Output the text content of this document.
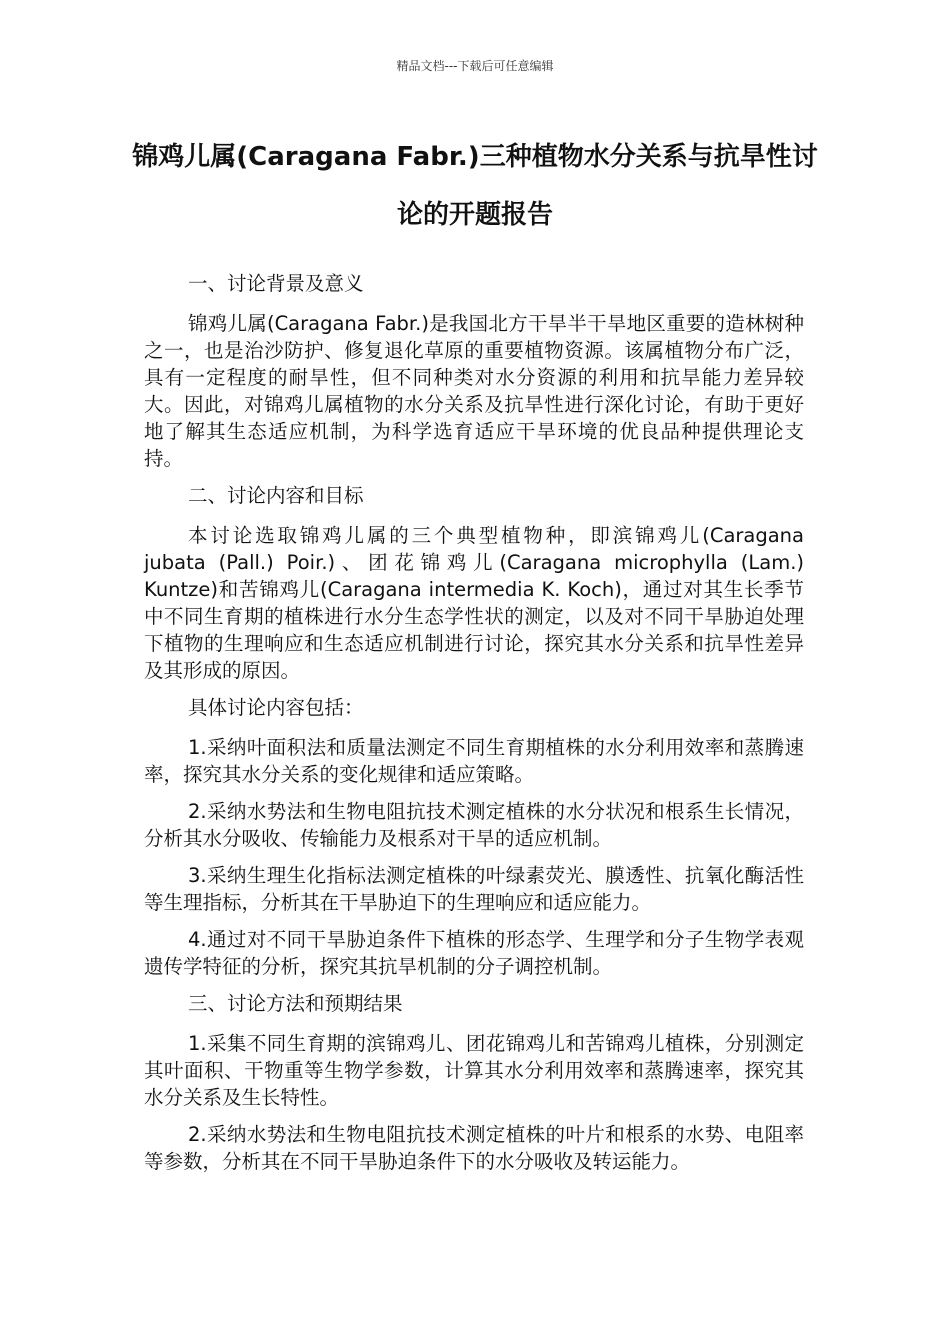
精品文档---下载后可任意编辑
锦鸡儿属(Caragana Fabr.)三种植物水分关系与抗旱性讨论的开题报告

一、讨论背景及意义

锦鸡儿属(Caragana Fabr.)是我国北方干旱半干旱地区重要的造林树种之一，也是治沙防护、修复退化草原的重要植物资源。该属植物分布广泛，具有一定程度的耐旱性，但不同种类对水分资源的利用和抗旱能力差异较大。因此，对锦鸡儿属植物的水分关系及抗旱性进行深化讨论，有助于更好地了解其生态适应机制，为科学选育适应干旱环境的优良品种提供理论支持。

二、讨论内容和目标

本讨论选取锦鸡儿属的三个典型植物种，即滨锦鸡儿(Caragana jubata (Pall.) Poir.)、团花锦鸡儿(Caragana microphylla (Lam.) Kuntze)和苦锦鸡儿(Caragana intermedia K. Koch)，通过对其生长季节中不同生育期的植株进行水分生态学性状的测定，以及对不同干旱胁迫处理下植物的生理响应和生态适应机制进行讨论，探究其水分关系和抗旱性差异及其形成的原因。

具体讨论内容包括：

1.采纳叶面积法和质量法测定不同生育期植株的水分利用效率和蒸腾速率，探究其水分关系的变化规律和适应策略。

2.采纳水势法和生物电阻抗技术测定植株的水分状况和根系生长情况，分析其水分吸收、传输能力及根系对干旱的适应机制。

3.采纳生理生化指标法测定植株的叶绿素荧光、膜透性、抗氧化酶活性等生理指标，分析其在干旱胁迫下的生理响应和适应能力。

4.通过对不同干旱胁迫条件下植株的形态学、生理学和分子生物学表观遗传学特征的分析，探究其抗旱机制的分子调控机制。

三、讨论方法和预期结果

1.采集不同生育期的滨锦鸡儿、团花锦鸡儿和苦锦鸡儿植株，分别测定其叶面积、干物重等生物学参数，计算其水分利用效率和蒸腾速率，探究其水分关系及生长特性。

2.采纳水势法和生物电阻抗技术测定植株的叶片和根系的水势、电阻率等参数，分析其在不同干旱胁迫条件下的水分吸收及转运能力。
